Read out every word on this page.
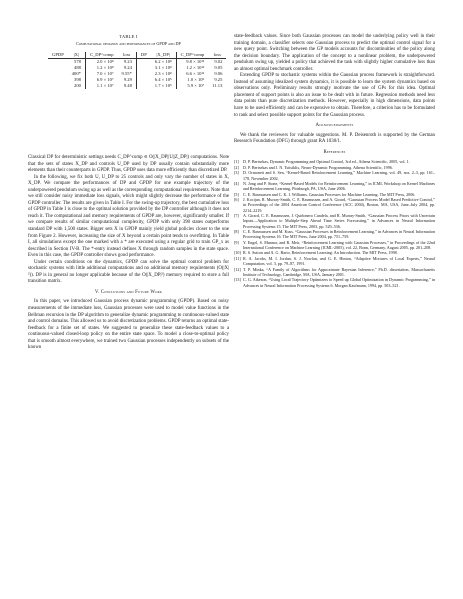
TABLE I
Computational demands and performances of GPDP and DP
GPDP	|X|	C_DP^comp	loss	DP	|X_DP|	C_DP^comp	loss
	578	2.0 × 10⁸	9.23		6.2 × 10⁸	9.8 × 10¹³	9.02
	488	1.2 × 10⁸	9.24		3.1 × 10⁸	1.2 × 10¹²	9.05
	400*	7.0 × 10⁷	9.55*		2.3 × 10⁸	6.6 × 10¹¹	9.06
	398	6.9 × 10⁷	9.29		6.4 × 10⁵	1.0 × 10⁹	9.25
	200	1.1 × 10⁷	9.48		1.7 × 10⁵	5.9 × 10⁷	11.13

Classical DP for deterministic settings needs C_DP^comp ∈ O(|X_DP||U||Z_DP|) computations. Note that the sets of states X_DP and controls U_DP used by DP usually contain substantially more elements than their counterparts in GPDP. Thus, GPDP uses data more efficiently than discretized DP.

In the following, we fix both U, U_DP to 25 controls and only vary the number of states in X, X_DP. We compare the performances of DP and GPDP for one example trajectory of the underpowered pendulum swing up as well as the corresponding computational requirements. Note that we still consider noisy immediate loss signals, which might slightly decrease the performance of the GPDP controller. The results are given in Table I. For the swing-up trajectory, the best cumulative loss of GPDP in Table I is close to the optimal solution provided by the DP controller although it does not reach it. The computational and memory requirements of GPDP are, however, significantly smaller. If we compare results of similar computational complexity, GPDP with only 398 states outperforms standard DP with 1,500 states. Bigger sets X in GPDP mainly yield global policies closer to the one from Figure 2. However, increasing the size of X beyond a certain point tends to overfitting. In Table I, all simulations except the one marked with a * are executed using a regular grid to train GP_x as described in Section IV-B. The *-entry instead defines X through random samples in the state space. Even in this case, the GPDP controller shows good performance.

Under certain conditions on the dynamics, GPDP can solve the optimal control problem for stochastic systems with little additional computations and no additional memory requirements (O(|X|²)). DP is in general no longer applicable because of the O(|X_DP|²) memory required to store a full transition matrix.

V. Conclusions and Future Work

In this paper, we introduced Gaussian process dynamic programming (GPDP). Based on noisy measurements of the immediate loss, Gaussian processes were used to model value functions in the Bellman recursion in the DP algorithm to generalize dynamic programming to continuous-valued state and control domains. This allowed us to avoid discretization problems. GPDP returns an optimal state-feedback for a finite set of states. We suggested to generalize these state-feedback values to a continuous-valued closed-loop policy on the entire state space. To model a close-to-optimal policy that is smooth almost everywhere, we trained two Gaussian processes independently on subsets of the known

state-feedback values. Since both Gaussian processes can model the underlying policy well in their training domain, a classifier selects one Gaussian process to predict the optimal control signal for a new query point. Switching between the GP models accounts for discontinuities of the policy along the decision boundary. The application of the concept to a nonlinear problem, the underpowered pendulum swing up, yielded a policy that achieved the task with slightly higher cumulative loss than an almost optimal benchmark controller.

Extending GPDP to stochastic systems within the Gaussian process framework is straightforward. Instead of assuming idealized system dynamics, it is possible to learn the system dynamics based on observations only. Preliminary results strongly motivate the use of GPs for this idea. Optimal placement of support points is also an issue to be dealt with in future. Regression methods need less data points than pure discretization methods. However, especially in high dimensions, data points have to be used efficiently and can be expensive to obtain. Therefore, a criterion has to be formulated to rank and select possible support points for the Gaussian process.

Acknowledgements

We thank the reviewers for valuable suggestions. M. P. Deisenroth is supported by the German Research Foundation (DFG) through grant RA 1030/1.

References
[1]	D. P. Bertsekas, Dynamic Programming and Optimal Control, 3rd ed., Athena Scientific, 2005, vol. 1.
[2]	D. P. Bertsekas and J. N. Tsitsiklis, Neuro-Dynamic Programming. Athena Scientific, 1996.
[3]	D. Ormoneit and S. Sen, “Kernel-Based Reinforcement Learning,” Machine Learning, vol. 49, nos. 2–3, pp. 161–178, November 2002.
[4]	N. Jong and P. Stone, “Kernel-Based Models for Reinforcement Learning,” in ICML Workshop on Kernel Machines and Reinforcement Learning, Pittsburgh, PA, USA, June 2006.
[5]	C. E. Rasmussen and C. K. I. Williams, Gaussian Processes for Machine Learning. The MIT Press, 2006.
[6]	J. Kocijan, R. Murray-Smith, C. E. Rasmussen, and A. Girard, “Gaussian Process Model Based Predictive Control,” in Proceedings of the 2004 American Control Conference (ACC 2004), Boston, MA, USA, June–July 2004, pp. 2214–2219.
[7]	A. Girard, C. E. Rasmussen, J. Quiñonero Candela, and R. Murray-Smith, “Gaussian Process Priors with Uncertain Inputs—Application to Multiple-Step Ahead Time Series Forecasting,” in Advances in Neural Information Processing Systems 15. The MIT Press, 2003, pp. 529–536.
[8]	C. E. Rasmussen and M. Kuss, “Gaussian Processes in Reinforcement Learning,” in Advances in Neural Information Processing Systems 16. The MIT Press, June 2004, pp. 751–759.
[9]	Y. Engel, S. Mannor, and R. Meir, “Reinforcement Learning with Gaussian Processes,” in Proceedings of the 22nd International Conference on Machine Learning (ICML-2005), vol. 22, Bonn, Germany, August 2005, pp. 201–208.
[10] R. S. Sutton and A. G. Barto, Reinforcement Learning: An Introduction. The MIT Press, 1998.
[11] R. A. Jacobs, M. I. Jordan, S. J. Nowlan, and G. E. Hinton, “Adaptive Mixtures of Local Experts,” Neural Computation, vol. 3, pp. 79–87, 1991.
[12] T. P. Minka, “A Family of Algorithms for Approximate Bayesian Inference,” Ph.D. dissertation, Massachusetts Institute of Technology, Cambridge, MA, USA, January 2001.
[13] C. G. Atkeson, “Using Local Trajectory Optimizers to Speed up Global Optimization in Dynamic Programming,” in Advances in Neural Information Processing Systems 6. Morgan Kaufmann, 1994, pp. 503–521.
